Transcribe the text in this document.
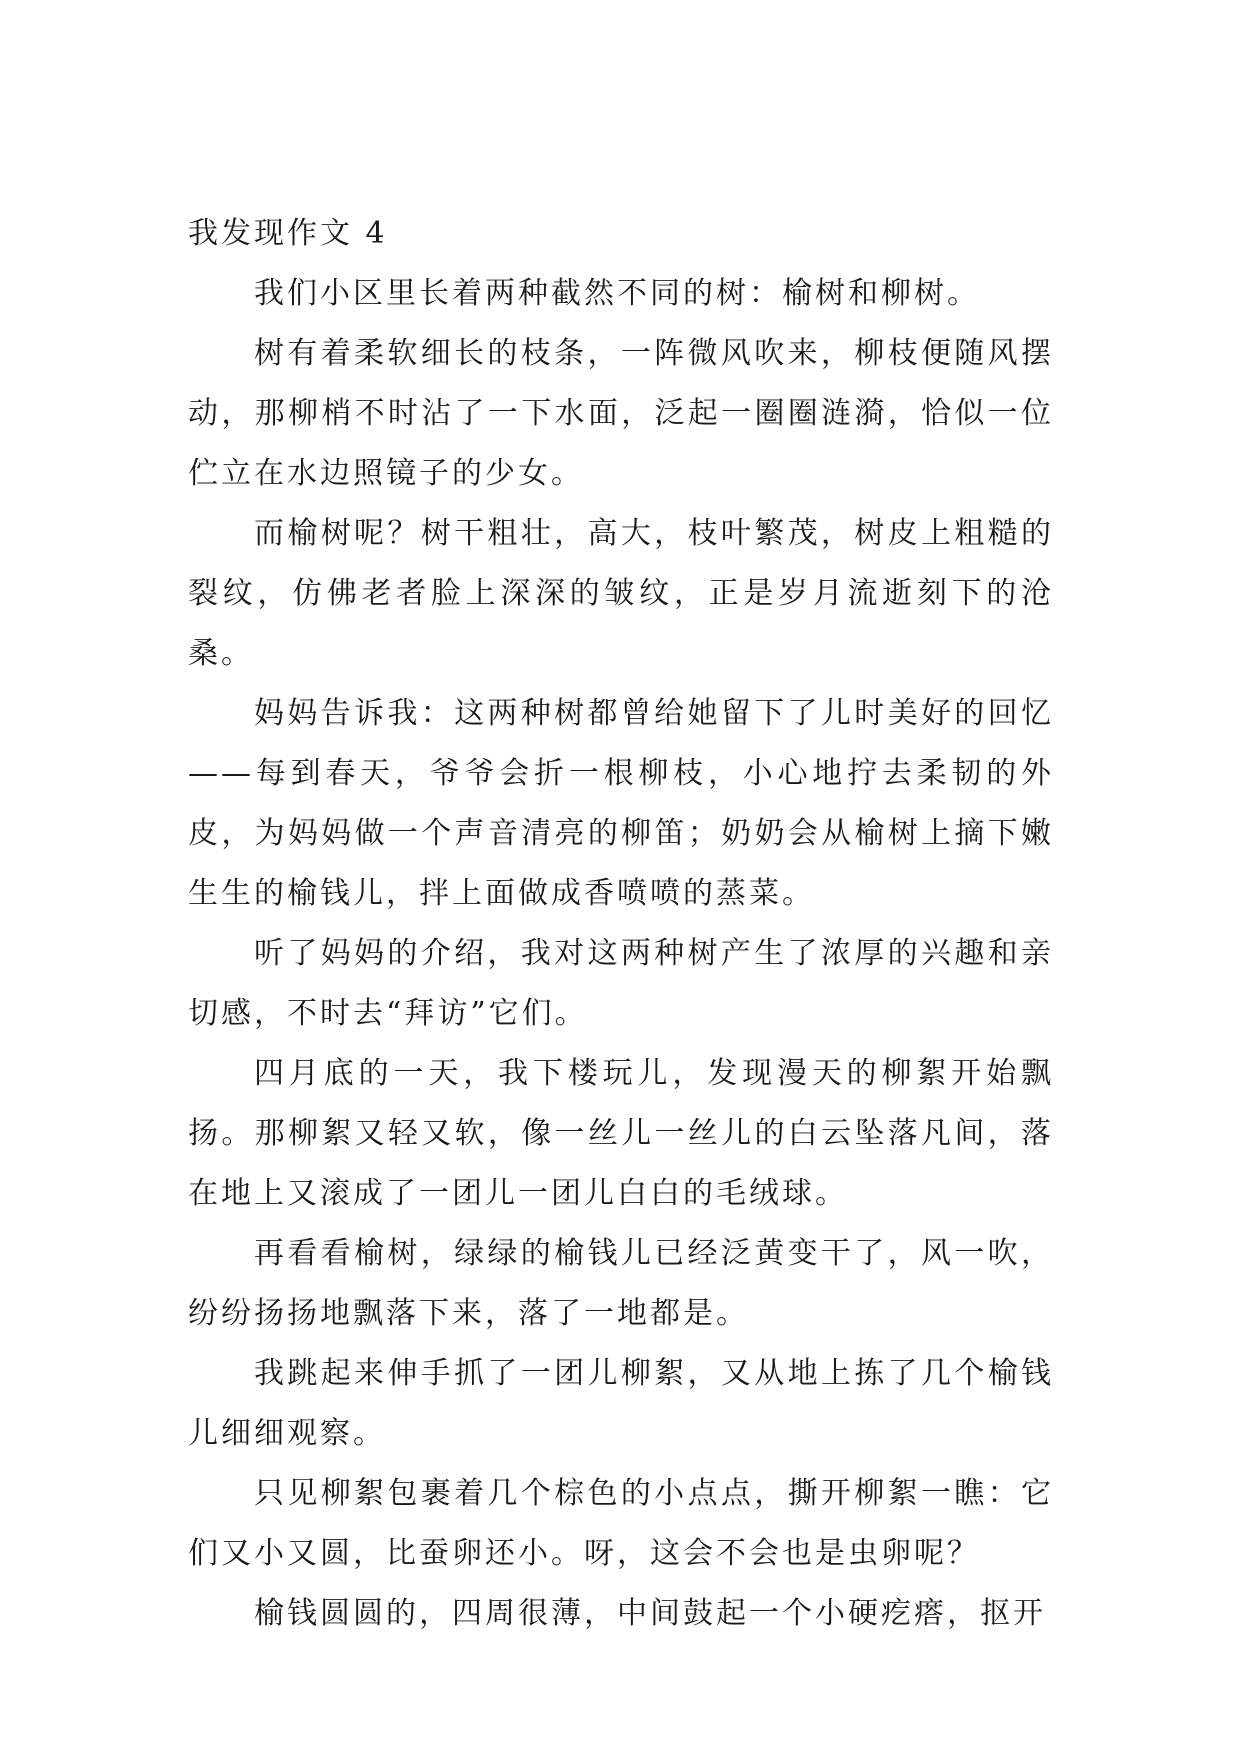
我发现作文 4

我们小区里长着两种截然不同的树：榆树和柳树。

树有着柔软细长的枝条，一阵微风吹来，柳枝便随风摆动，那柳梢不时沾了一下水面，泛起一圈圈涟漪，恰似一位伫立在水边照镜子的少女。

而榆树呢？树干粗壮，高大，枝叶繁茂，树皮上粗糙的裂纹，仿佛老者脸上深深的皱纹，正是岁月流逝刻下的沧桑。

妈妈告诉我：这两种树都曾给她留下了儿时美好的回忆——每到春天，爷爷会折一根柳枝，小心地拧去柔韧的外皮，为妈妈做一个声音清亮的柳笛；奶奶会从榆树上摘下嫩生生的榆钱儿，拌上面做成香喷喷的蒸菜。

听了妈妈的介绍，我对这两种树产生了浓厚的兴趣和亲切感，不时去“拜访”它们。

四月底的一天，我下楼玩儿，发现漫天的柳絮开始飘扬。那柳絮又轻又软，像一丝儿一丝儿的白云坠落凡间，落在地上又滚成了一团儿一团儿白白的毛绒球。

再看看榆树，绿绿的榆钱儿已经泛黄变干了，风一吹，纷纷扬扬地飘落下来，落了一地都是。

我跳起来伸手抓了一团儿柳絮，又从地上拣了几个榆钱儿细细观察。

只见柳絮包裹着几个棕色的小点点，撕开柳絮一瞧：它们又小又圆，比蚕卵还小。呀，这会不会也是虫卵呢？

榆钱圆圆的，四周很薄，中间鼓起一个小硬疙瘩，抠开
